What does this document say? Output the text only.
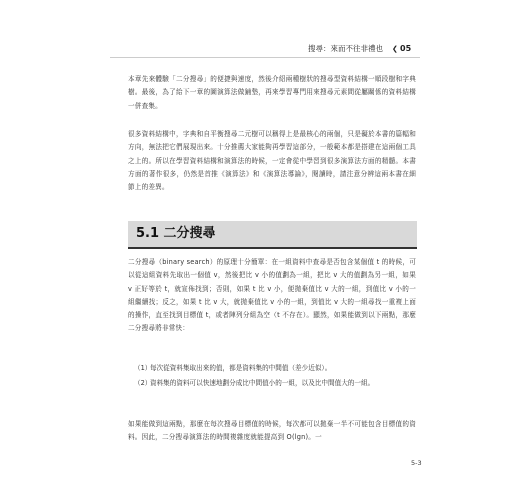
搜尋：來而不往非禮也 ❮ 05
本章先來體驗「二分搜尋」的便捷與速度，然後介紹兩種樹狀的搜尋型資料結構一順段樹和字典樹。最後，為了給下一章的圖演算法做鋪墊，再來學習專門用來搜尋元素間從屬關係的資料結構一併查集。
很多資料結構中，字典和自平衡搜尋二元樹可以稱得上是最核心的兩個，只是礙於本書的篇幅和方向，無法把它們展現出來。十分推薦大家能夠再學習這部分，一般範本都是搭建在這兩個工具之上的。所以在學習資料結構和演算法的時候，一定會從中學習到很多演算法方面的精髓。本書方面的著作很多，仍然是首推《演算法》和《演算法導論》，閱讀時，請注意分辨這兩本書在細節上的差異。
5.1 二分搜尋
二分搜尋（binary search）的原理十分簡單：在一組資料中查尋是否包含某個值 t 的時候，可以從這組資料先取出一個值 v，然後把比 v 小的值劃為一組，把比 v 大的值劃為另一組，如果 v 正好等於 t，就宣佈找到；否則，如果 t 比 v 小，便拋棄值比 v 大的一組，到值比 v 小的一組繼續找；反之，如果 t 比 v 大，就拋棄值比 v 小的一組，到值比 v 大的一組尋找一重複上面的操作，直至找到目標值 t，或者陣列分組為空（t 不存在）。顯然，如果能做到以下兩點，那麼二分搜尋將非常快：
（1）
每次從資料集取出來的值，都是資料集的中間值（差少近似）。
（2）
資料集的資料可以快速地劃分成比中間值小的一組，以及比中間值大的一組。
如果能做到這兩點，那麼在每次搜尋目標值的時候，每次都可以拋棄一半不可能包含目標值的資料。因此，二分搜尋演算法的時間複雜度就能提高到 O(lgn)。一
5-3
